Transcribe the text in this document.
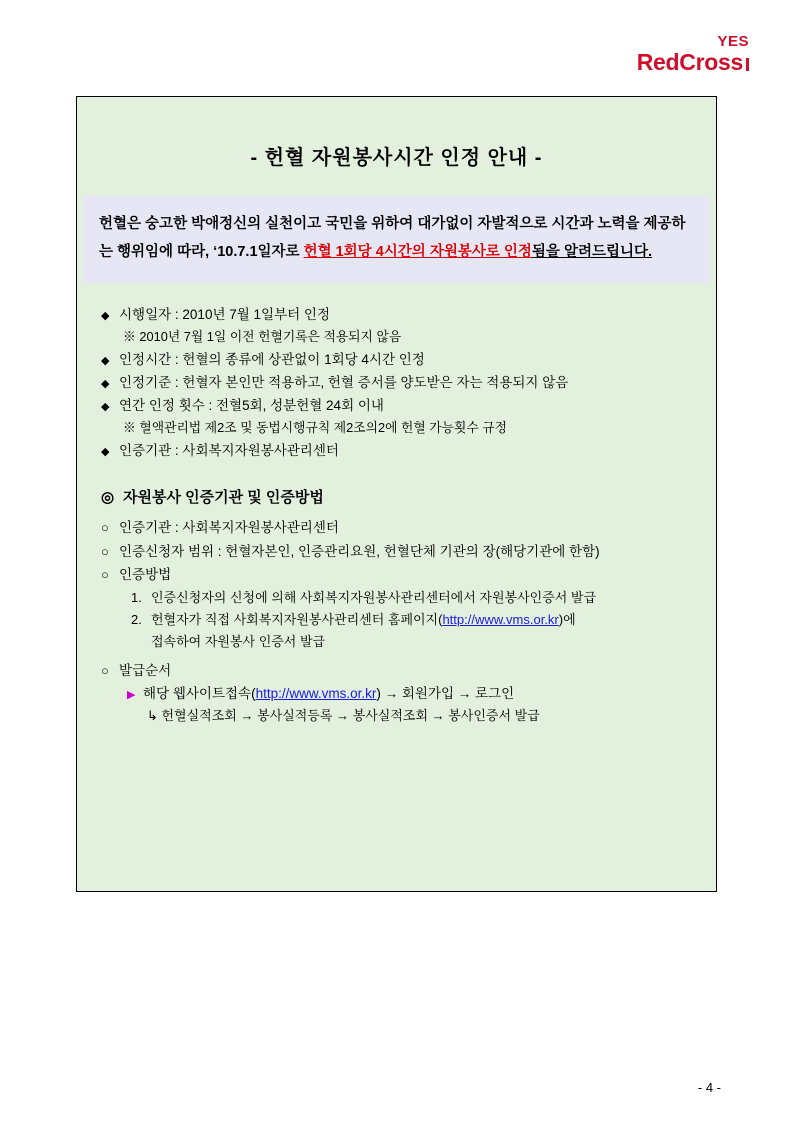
YES
RedCross
- 헌혈 자원봉사시간 인정 안내 -
헌혈은 숭고한 박애정신의 실천이고 국민을 위하여 대가없이 자발적으로 시간과 노력을 제공하는 행위임에 따라, ‘10.7.1일자로 헌혈 1회당 4시간의 자원봉사로 인정됨을 알려드립니다.
◆ 시행일자 : 2010년 7월 1일부터 인정
※ 2010년 7월 1일 이전 헌혈기록은 적용되지 않음
◆ 인정시간 : 헌혈의 종류에 상관없이 1회당 4시간 인정
◆ 인정기준 : 헌혈자 본인만 적용하고, 헌혈 증서를 양도받은 자는 적용되지 않음
◆ 연간 인정 횟수 : 전혈5회, 성분헌혈 24회 이내
※ 혈액관리법 제2조 및 동법시행규칙 제2조의2에 헌혈 가능횟수 규정
◆ 인증기관 : 사회복지자원봉사관리센터
◎ 자원봉사 인증기관 및 인증방법
○ 인증기관 : 사회복지자원봉사관리센터
○ 인증신청자 범위 : 헌혈자본인, 인증관리요원, 헌혈단체 기관의 장(해당기관에 한함)
○ 인증방법
1. 인증신청자의 신청에 의해 사회복지자원봉사관리센터에서 자원봉사인증서 발급
2. 헌혈자가 직접 사회복지자원봉사관리센터 홈페이지(http://www.vms.or.kr)에
접속하여 자원봉사 인증서 발급
○ 발급순서
▶ 해당 웹사이트접속(http://www.vms.or.kr) → 회원가입 → 로그인
↳ 헌혈실적조회 → 봉사실적등록 → 봉사실적조회 → 봉사인증서 발급
- 4 -
